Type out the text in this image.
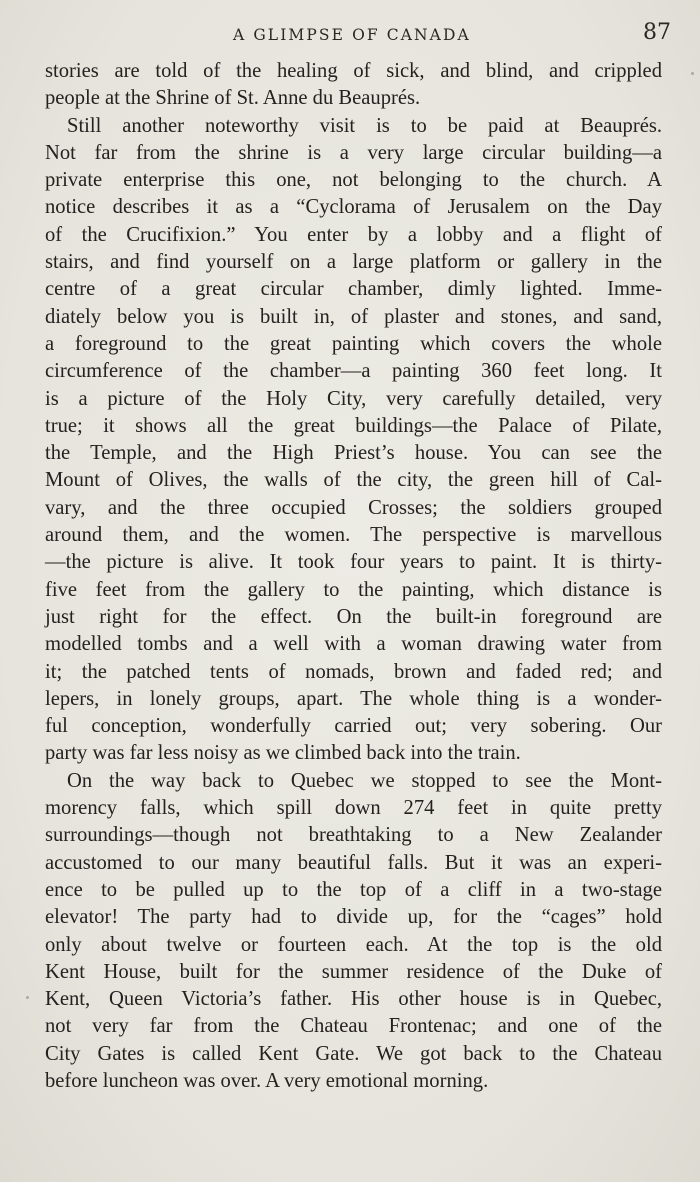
A GLIMPSE OF CANADA	87
stories are told of the healing of sick, and blind, and crippled
people at the Shrine of St. Anne du Beauprés.
Still another noteworthy visit is to be paid at Beauprés.
Not far from the shrine is a very large circular building—a
private enterprise this one, not belonging to the church. A
notice describes it as a “Cyclorama of Jerusalem on the Day
of the Crucifixion.” You enter by a lobby and a flight of
stairs, and find yourself on a large platform or gallery in the
centre of a great circular chamber, dimly lighted. Imme-
diately below you is built in, of plaster and stones, and sand,
a foreground to the great painting which covers the whole
circumference of the chamber—a painting 360 feet long. It
is a picture of the Holy City, very carefully detailed, very
true; it shows all the great buildings—the Palace of Pilate,
the Temple, and the High Priest’s house. You can see the
Mount of Olives, the walls of the city, the green hill of Cal-
vary, and the three occupied Crosses; the soldiers grouped
around them, and the women. The perspective is marvellous
—the picture is alive. It took four years to paint. It is thirty-
five feet from the gallery to the painting, which distance is
just right for the effect. On the built-in foreground are
modelled tombs and a well with a woman drawing water from
it; the patched tents of nomads, brown and faded red; and
lepers, in lonely groups, apart. The whole thing is a wonder-
ful conception, wonderfully carried out; very sobering. Our
party was far less noisy as we climbed back into the train.
On the way back to Quebec we stopped to see the Mont-
morency falls, which spill down 274 feet in quite pretty
surroundings—though not breathtaking to a New Zealander
accustomed to our many beautiful falls. But it was an experi-
ence to be pulled up to the top of a cliff in a two-stage
elevator! The party had to divide up, for the “cages” hold
only about twelve or fourteen each. At the top is the old
Kent House, built for the summer residence of the Duke of
Kent, Queen Victoria’s father. His other house is in Quebec,
not very far from the Chateau Frontenac; and one of the
City Gates is called Kent Gate. We got back to the Chateau
before luncheon was over. A very emotional morning.
